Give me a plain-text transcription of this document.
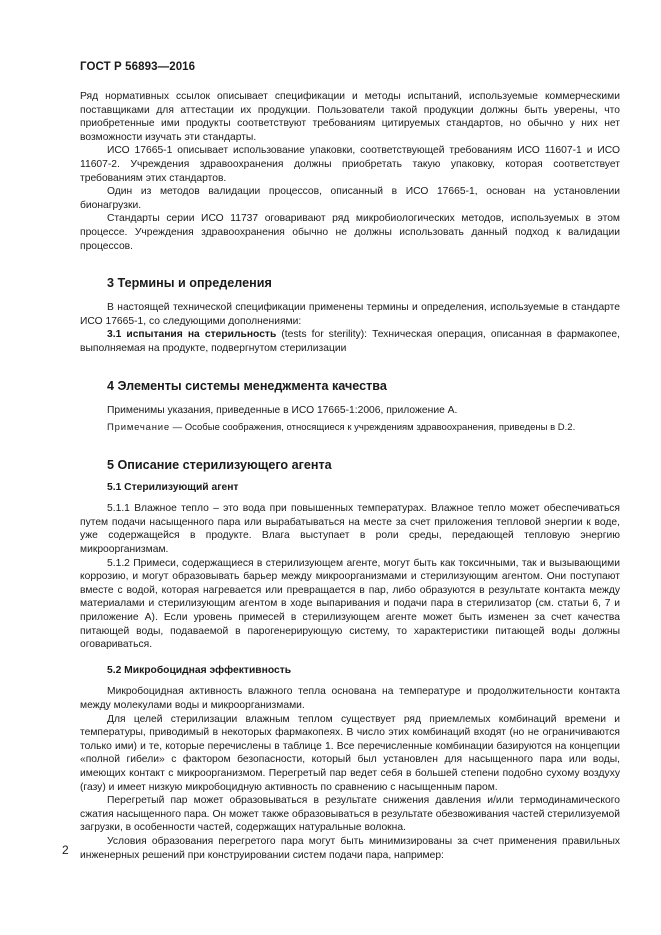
ГОСТ Р 56893—2016

Ряд нормативных ссылок описывает спецификации и методы испытаний, используемые коммерческими поставщиками для аттестации их продукции. Пользователи такой продукции должны быть уверены, что приобретенные ими продукты соответствуют требованиям цитируемых стандартов, но обычно у них нет возможности изучать эти стандарты.

ИСО 17665-1 описывает использование упаковки, соответствующей требованиям ИСО 11607-1 и ИСО 11607-2. Учреждения здравоохранения должны приобретать такую упаковку, которая соответствует требованиям этих стандартов.

Один из методов валидации процессов, описанный в ИСО 17665-1, основан на установлении бионагрузки.

Стандарты серии ИСО 11737 оговаривают ряд микробиологических методов, используемых в этом процессе. Учреждения здравоохранения обычно не должны использовать данный подход к валидации процессов.

3 Термины и определения

В настоящей технической спецификации применены термины и определения, используемые в стандарте ИСО 17665-1, со следующими дополнениями:

3.1 испытания на стерильность (tests for sterility): Техническая операция, описанная в фармакопее, выполняемая на продукте, подвергнутом стерилизации

4 Элементы системы менеджмента качества

Применимы указания, приведенные в ИСО 17665-1:2006, приложение А.

Примечание — Особые соображения, относящиеся к учреждениям здравоохранения, приведены в D.2.

5 Описание стерилизующего агента

5.1 Стерилизующий агент

5.1.1 Влажное тепло – это вода при повышенных температурах. Влажное тепло может обеспечиваться путем подачи насыщенного пара или вырабатываться на месте за счет приложения тепловой энергии к воде, уже содержащейся в продукте. Влага выступает в роли среды, передающей тепловую энергию микроорганизмам.

5.1.2 Примеси, содержащиеся в стерилизующем агенте, могут быть как токсичными, так и вызывающими коррозию, и могут образовывать барьер между микроорганизмами и стерилизующим агентом. Они поступают вместе с водой, которая нагревается или превращается в пар, либо образуются в результате контакта между материалами и стерилизующим агентом в ходе выпаривания и подачи пара в стерилизатор (см. статьи 6, 7 и приложение А). Если уровень примесей в стерилизующем агенте может быть изменен за счет качества питающей воды, подаваемой в парогенерирующую систему, то характеристики питающей воды должны оговариваться.

5.2 Микробоцидная эффективность

Микробоцидная активность влажного тепла основана на температуре и продолжительности контакта между молекулами воды и микроорганизмами.

Для целей стерилизации влажным теплом существует ряд приемлемых комбинаций времени и температуры, приводимый в некоторых фармакопеях. В число этих комбинаций входят (но не ограничиваются только ими) и те, которые перечислены в таблице 1. Все перечисленные комбинации базируются на концепции «полной гибели» с фактором безопасности, который был установлен для насыщенного пара или воды, имеющих контакт с микроорганизмом. Перегретый пар ведет себя в большей степени подобно сухому воздуху (газу) и имеет низкую микробоцидную активность по сравнению с насыщенным паром.

Перегретый пар может образовываться в результате снижения давления и/или термодинамического сжатия насыщенного пара. Он может также образовываться в результате обезвоживания частей стерилизуемой загрузки, в особенности частей, содержащих натуральные волокна.

Условия образования перегретого пара могут быть минимизированы за счет применения правильных инженерных решений при конструировании систем подачи пара, например:

2
